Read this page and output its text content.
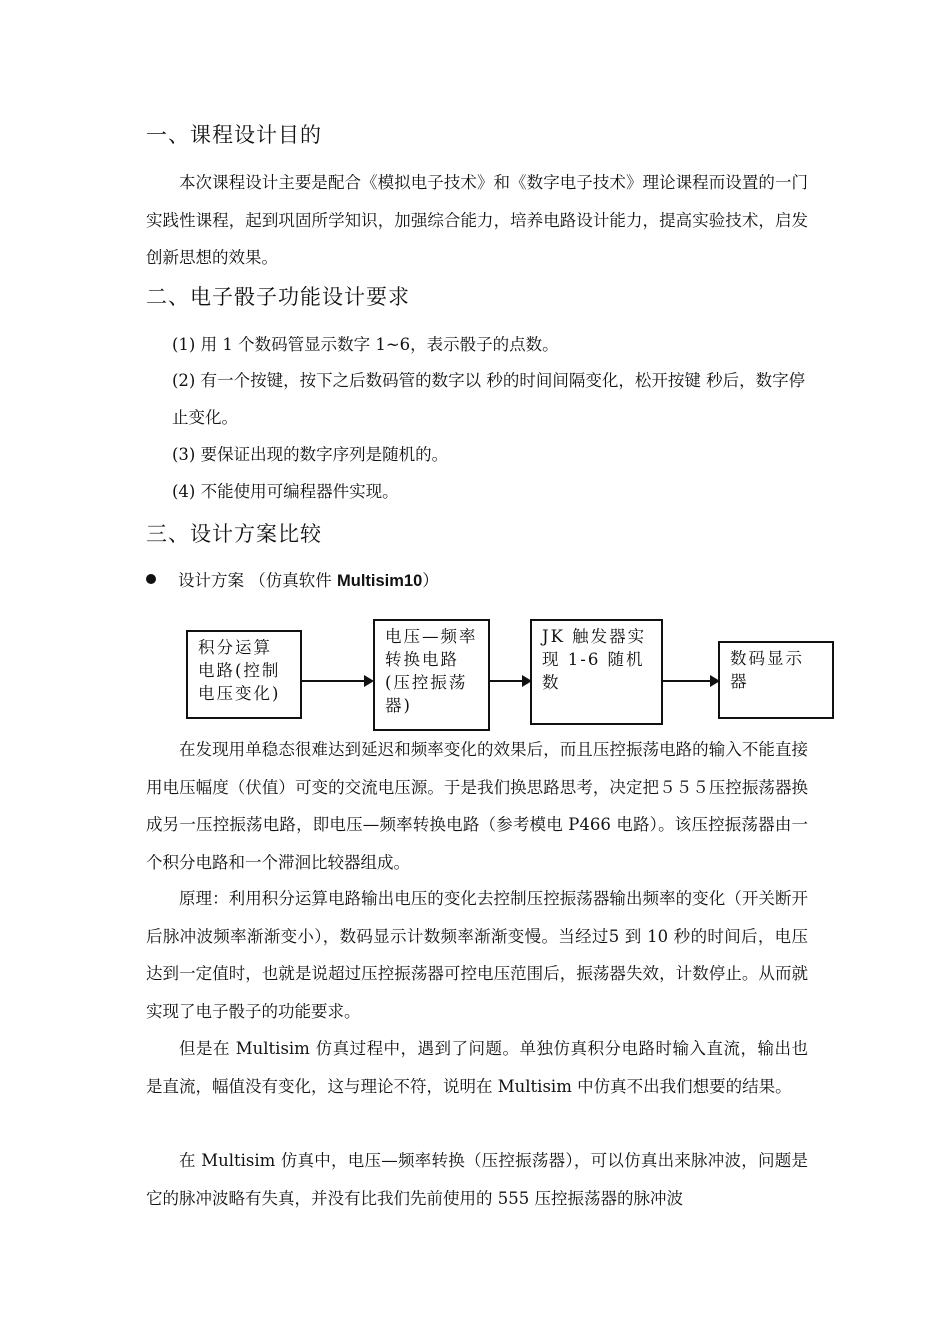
一、课程设计目的

本次课程设计主要是配合《模拟电子技术》和《数字电子技术》理论课程而设置的一门实践性课程，起到巩固所学知识，加强综合能力，培养电路设计能力，提高实验技术，启发创新思想的效果。

二、电子骰子功能设计要求
(1) 用 1 个数码管显示数字 1~6，表示骰子的点数。
(2) 有一个按键，按下之后数码管的数字以 秒的时间间隔变化，松开按键 秒后，数字停止变化。
(3) 要保证出现的数字序列是随机的。
(4) 不能使用可编程器件实现。
三、设计方案比较
设计方案 （仿真软件 Multisim10）
积分运算电路(控制电压变化)
电压—频率转换电路(压控振荡器)
JK 触发器实现 1-6 随机数
数码显示器

在发现用单稳态很难达到延迟和频率变化的效果后，而且压控振荡电路的输入不能直接用电压幅度（伏值）可变的交流电压源。于是我们换思路思考，决定把５５５压控振荡器换成另一压控振荡电路，即电压—频率转换电路（参考模电 P466 电路）。该压控振荡器由一个积分电路和一个滞洄比较器组成。

原理：利用积分运算电路输出电压的变化去控制压控振荡器输出频率的变化（开关断开后脉冲波频率渐渐变小），数码显示计数频率渐渐变慢。当经过5 到 10 秒的时间后，电压达到一定值时，也就是说超过压控振荡器可控电压范围后，振荡器失效，计数停止。从而就实现了电子骰子的功能要求。

但是在 Multisim 仿真过程中，遇到了问题。单独仿真积分电路时输入直流，输出也是直流，幅值没有变化，这与理论不符，说明在 Multisim 中仿真不出我们想要的结果。

在 Multisim 仿真中，电压—频率转换（压控振荡器），可以仿真出来脉冲波，问题是它的脉冲波略有失真，并没有比我们先前使用的 555 压控振荡器的脉冲波
